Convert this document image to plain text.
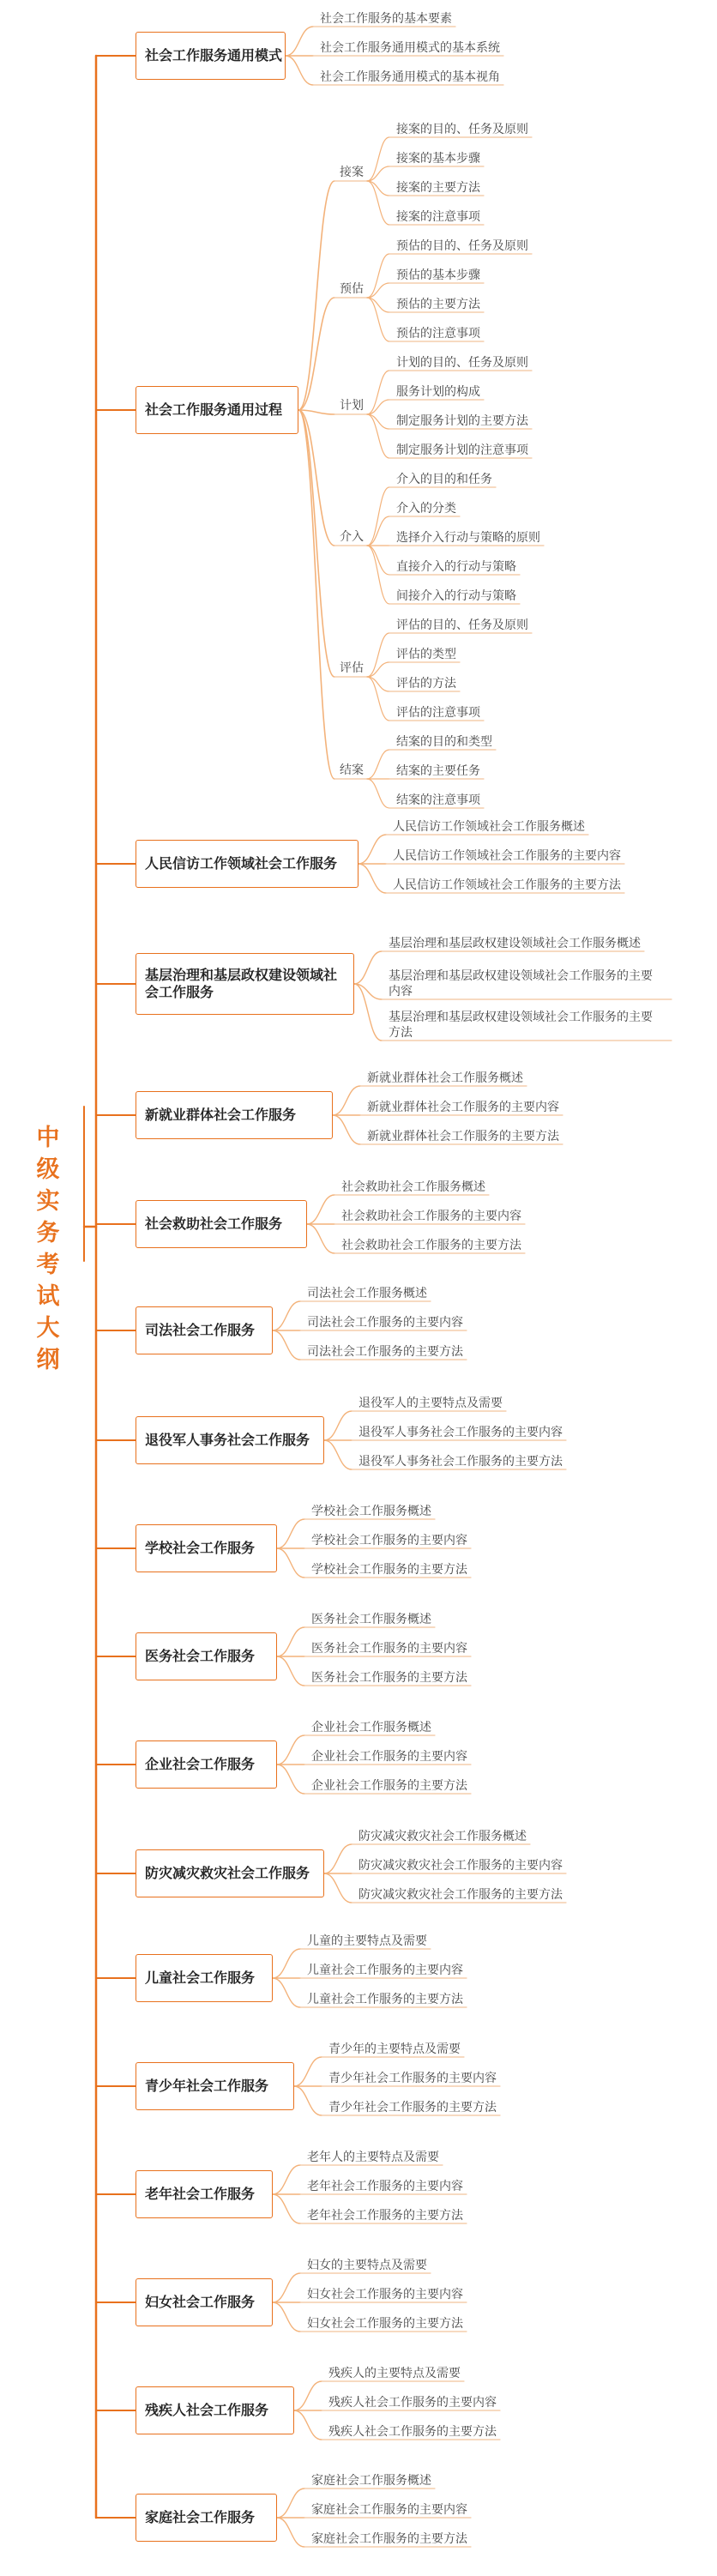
中
级
实
务
考
试
大
纲
社会工作服务通用模式
社会工作服务的基本要素
社会工作服务通用模式的基本系统
社会工作服务通用模式的基本视角
社会工作服务通用过程
接案
接案的目的、任务及原则
接案的基本步骤
接案的主要方法
接案的注意事项
预估
预估的目的、任务及原则
预估的基本步骤
预估的主要方法
预估的注意事项
计划
计划的目的、任务及原则
服务计划的构成
制定服务计划的主要方法
制定服务计划的注意事项
介入
介入的目的和任务
介入的分类
选择介入行动与策略的原则
直接介入的行动与策略
间接介入的行动与策略
评估
评估的目的、任务及原则
评估的类型
评估的方法
评估的注意事项
结案
结案的目的和类型
结案的主要任务
结案的注意事项
人民信访工作领域社会工作服务
人民信访工作领域社会工作服务概述
人民信访工作领域社会工作服务的主要内容
人民信访工作领域社会工作服务的主要方法
基层治理和基层政权建设领域社会工作服务
基层治理和基层政权建设领域社会工作服务概述
基层治理和基层政权建设领域社会工作服务的主要内容
基层治理和基层政权建设领域社会工作服务的主要方法
新就业群体社会工作服务
新就业群体社会工作服务概述
新就业群体社会工作服务的主要内容
新就业群体社会工作服务的主要方法
社会救助社会工作服务
社会救助社会工作服务概述
社会救助社会工作服务的主要内容
社会救助社会工作服务的主要方法
司法社会工作服务
司法社会工作服务概述
司法社会工作服务的主要内容
司法社会工作服务的主要方法
退役军人事务社会工作服务
退役军人的主要特点及需要
退役军人事务社会工作服务的主要内容
退役军人事务社会工作服务的主要方法
学校社会工作服务
学校社会工作服务概述
学校社会工作服务的主要内容
学校社会工作服务的主要方法
医务社会工作服务
医务社会工作服务概述
医务社会工作服务的主要内容
医务社会工作服务的主要方法
企业社会工作服务
企业社会工作服务概述
企业社会工作服务的主要内容
企业社会工作服务的主要方法
防灾减灾救灾社会工作服务
防灾减灾救灾社会工作服务概述
防灾减灾救灾社会工作服务的主要内容
防灾减灾救灾社会工作服务的主要方法
儿童社会工作服务
儿童的主要特点及需要
儿童社会工作服务的主要内容
儿童社会工作服务的主要方法
青少年社会工作服务
青少年的主要特点及需要
青少年社会工作服务的主要内容
青少年社会工作服务的主要方法
老年社会工作服务
老年人的主要特点及需要
老年社会工作服务的主要内容
老年社会工作服务的主要方法
妇女社会工作服务
妇女的主要特点及需要
妇女社会工作服务的主要内容
妇女社会工作服务的主要方法
残疾人社会工作服务
残疾人的主要特点及需要
残疾人社会工作服务的主要内容
残疾人社会工作服务的主要方法
家庭社会工作服务
家庭社会工作服务概述
家庭社会工作服务的主要内容
家庭社会工作服务的主要方法
